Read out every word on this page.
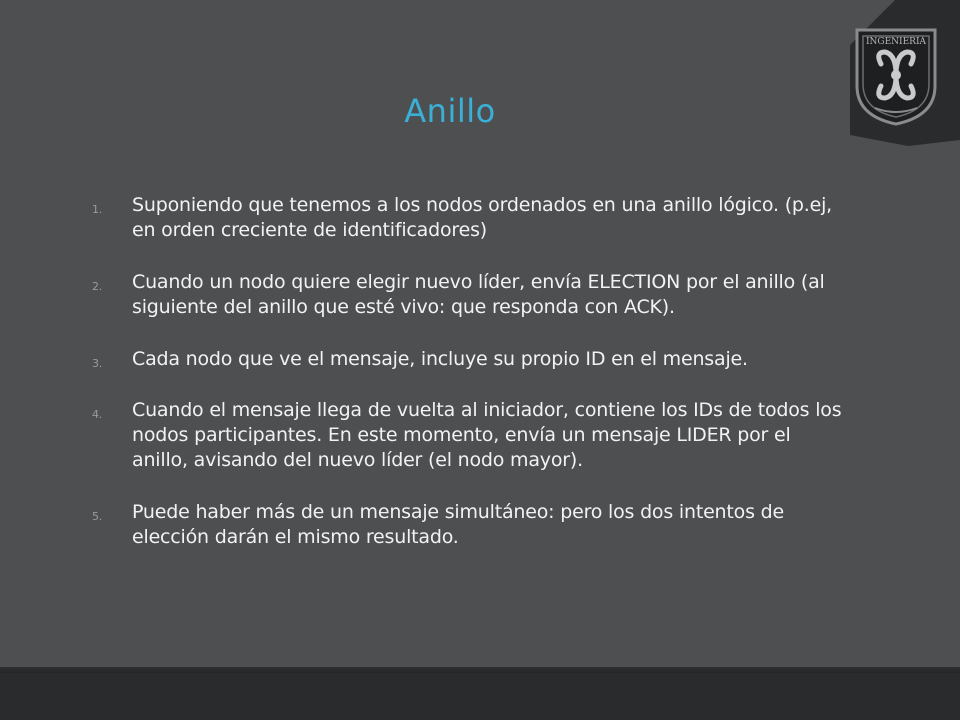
INGENIERIA
Anillo
1. Suponiendo que tenemos a los nodos ordenados en una anillo lógico. (p.ej, en orden creciente de identificadores)
2. Cuando un nodo quiere elegir nuevo líder, envía ELECTION por el anillo (al siguiente del anillo que esté vivo: que responda con ACK).
3. Cada nodo que ve el mensaje, incluye su propio ID en el mensaje.
4. Cuando el mensaje llega de vuelta al iniciador, contiene los IDs de todos los nodos participantes. En este momento, envía un mensaje LIDER por el anillo, avisando del nuevo líder (el nodo mayor).
5. Puede haber más de un mensaje simultáneo: pero los dos intentos de elección darán el mismo resultado.
